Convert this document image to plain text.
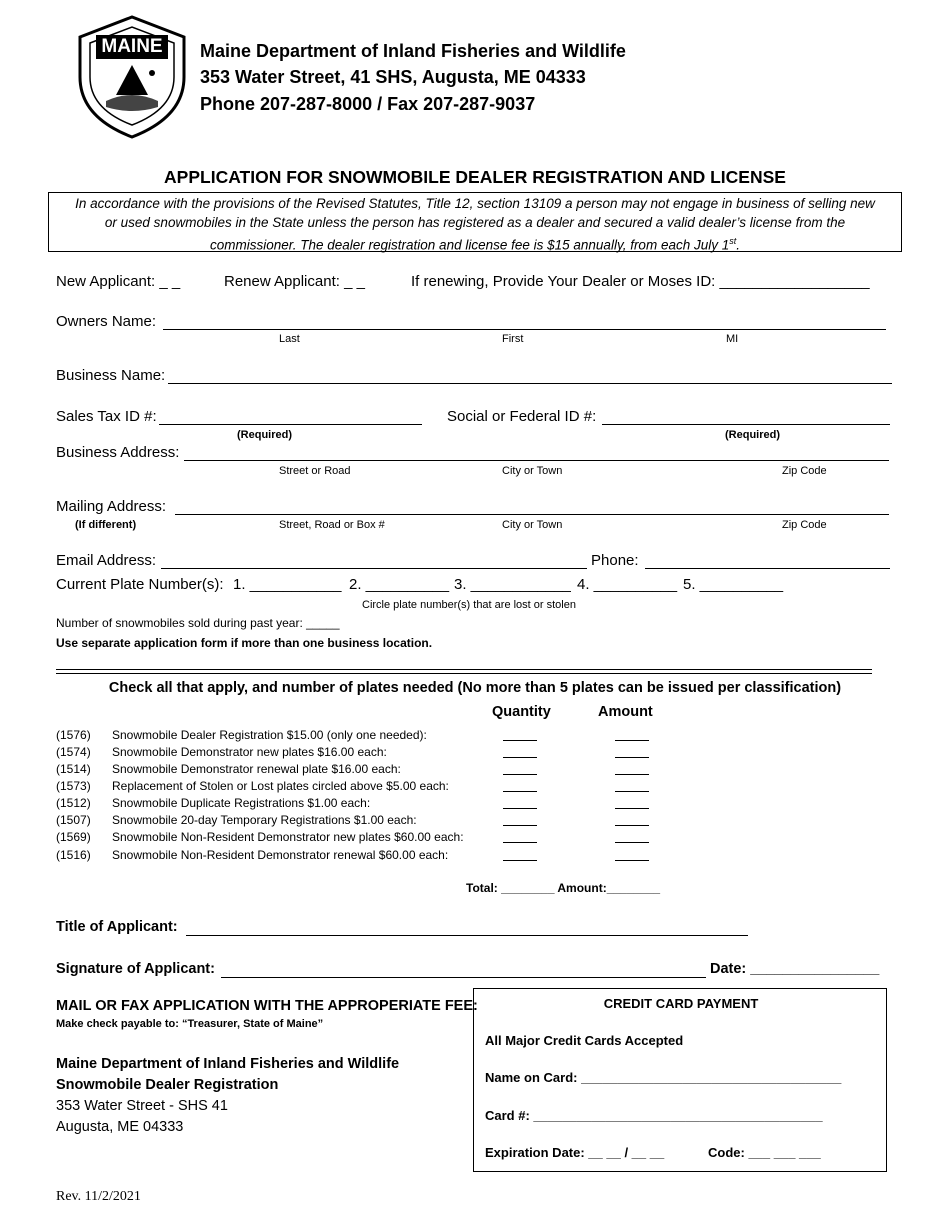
MAINE Maine Department of Inland Fisheries and Wildlife
353 Water Street, 41 SHS, Augusta, ME 04333
Phone 207-287-8000 / Fax 207-287-9037
APPLICATION FOR SNOWMOBILE DEALER REGISTRATION AND LICENSE
In accordance with the provisions of the Revised Statutes, Title 12, section 13109 a person may not engage in business of selling new
or used snowmobiles in the State unless the person has registered as a dealer and secured a valid dealer’s license from the
commissioner. The dealer registration and license fee is $15 annually, from each July 1st.
New Applicant: _ _	Renew Applicant: _ _	If renewing, Provide Your Dealer or Moses ID: __________________
Owners Name:
Last	First	MI
Business Name:
Sales Tax ID #:	Social or Federal ID #:
(Required)	(Required)
Business Address:
Street or Road	City or Town	Zip Code
Mailing Address:
(If different)	Street, Road or Box #	City or Town	Zip Code
Email Address:	Phone:
Current Plate Number(s): 1. ___________ 2. __________ 3. ____________ 4. __________ 5. __________
Circle plate number(s) that are lost or stolen
Number of snowmobiles sold during past year: _____
Use separate application form if more than one business location.
Check all that apply, and number of plates needed (No more than 5 plates can be issued per classification)
Quantity	Amount
(1576) Snowmobile Dealer Registration $15.00 (only one needed):
(1574) Snowmobile Demonstrator new plates $16.00 each:
(1514) Snowmobile Demonstrator renewal plate $16.00 each:
(1573) Replacement of Stolen or Lost plates circled above $5.00 each:
(1512) Snowmobile Duplicate Registrations $1.00 each:
(1507) Snowmobile 20-day Temporary Registrations $1.00 each:
(1569) Snowmobile Non-Resident Demonstrator new plates $60.00 each:
(1516) Snowmobile Non-Resident Demonstrator renewal $60.00 each:
Total: ________ Amount:________
Title of Applicant:
Signature of Applicant:	Date: ________________
MAIL OR FAX APPLICATION WITH THE APPROPERIATE FEE:
Make check payable to: “Treasurer, State of Maine”
Maine Department of Inland Fisheries and Wildlife
Snowmobile Dealer Registration
353 Water Street - SHS 41
Augusta, ME 04333
CREDIT CARD PAYMENT
All Major Credit Cards Accepted
Name on Card: ____________________________________
Card #: ________________________________________
Expiration Date: __ __ / __ __	Code: ___ ___ ___
Rev. 11/2/2021
